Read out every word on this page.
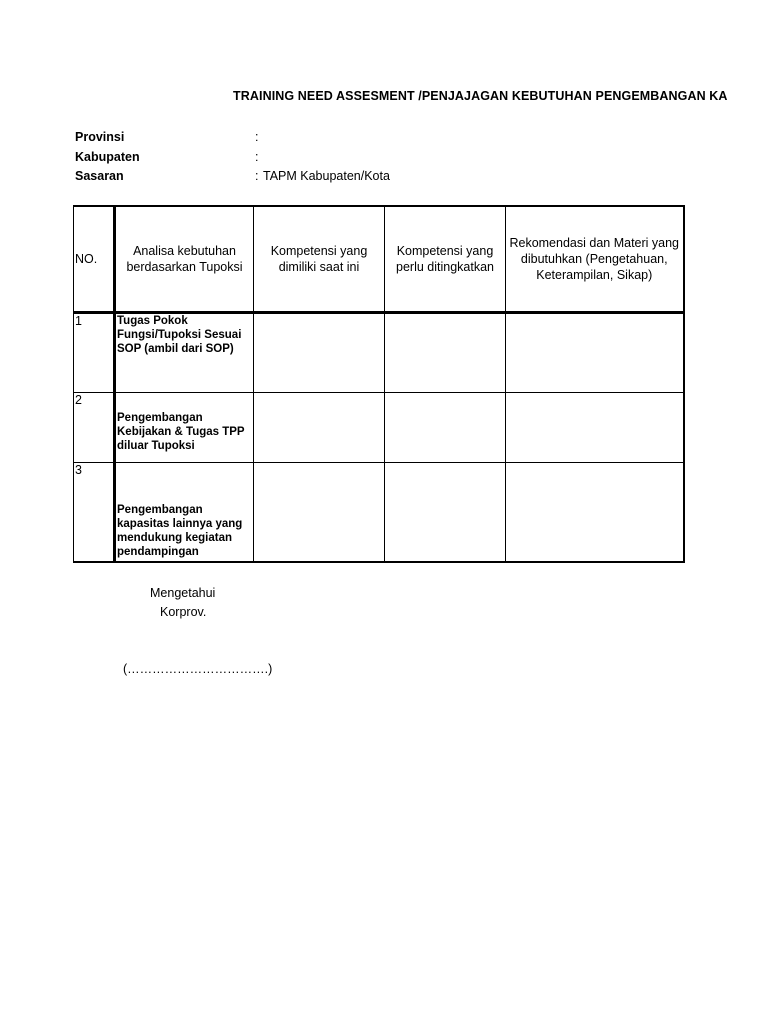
TRAINING NEED ASSESMENT /PENJAJAGAN KEBUTUHAN PENGEMBANGAN KA
Provinsi	:
Kabupaten	:
Sasaran	: TAPM Kabupaten/Kota
NO.	Analisa kebutuhan berdasarkan Tupoksi	Kompetensi yang dimiliki saat ini	Kompetensi yang perlu ditingkatkan	Rekomendasi dan Materi yang dibutuhkan (Pengetahuan, Keterampilan, Sikap)
1	Tugas Pokok Fungsi/Tupoksi Sesuai SOP (ambil dari SOP)			
2	Pengembangan Kebijakan & Tugas TPP diluar Tupoksi			
3	Pengembangan kapasitas lainnya yang mendukung kegiatan pendampingan			
Mengetahui
Korprov.
(…………………………….)
